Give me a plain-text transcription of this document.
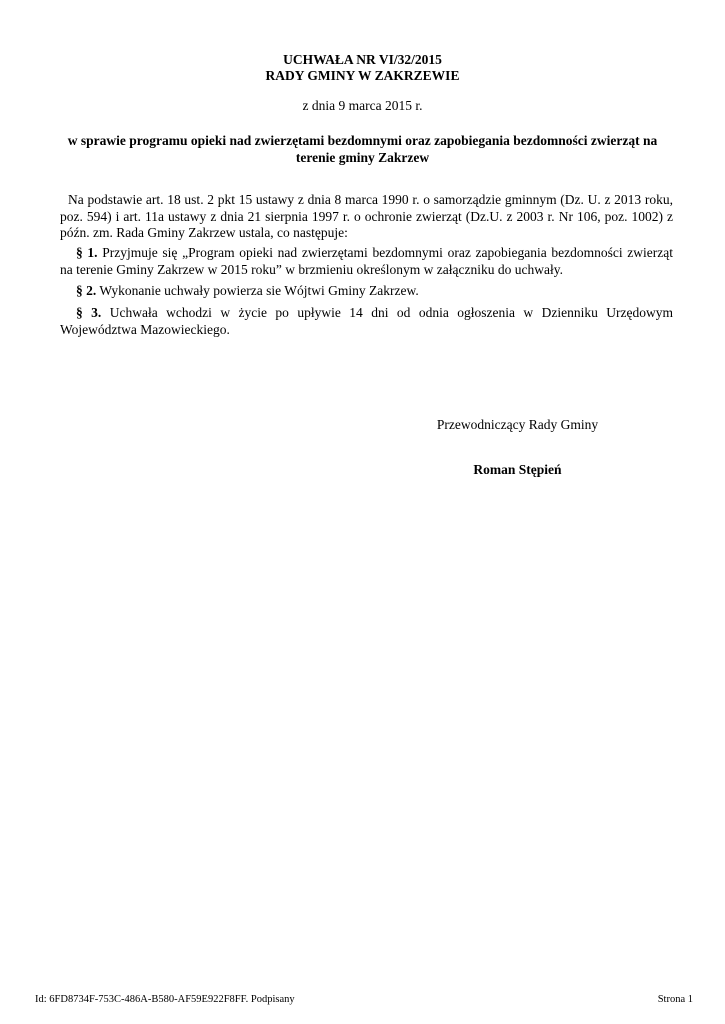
UCHWAŁA NR VI/32/2015
RADY GMINY W ZAKRZEWIE
z dnia 9 marca 2015 r.
w sprawie programu opieki nad zwierzętami bezdomnymi oraz zapobiegania bezdomności zwierząt na
terenie gminy Zakrzew
Na podstawie art. 18 ust. 2 pkt 15 ustawy z dnia 8 marca 1990 r. o samorządzie gminnym (Dz. U. z 2013 roku, poz. 594) i art. 11a ustawy z dnia 21 sierpnia 1997 r. o ochronie zwierząt (Dz.U. z 2003 r. Nr 106, poz. 1002) z późn. zm. Rada Gminy Zakrzew ustala, co następuje:
§ 1. Przyjmuje się „Program opieki nad zwierzętami bezdomnymi oraz zapobiegania bezdomności zwierząt na terenie Gminy Zakrzew w 2015 roku” w brzmieniu określonym w załączniku do uchwały.
§ 2. Wykonanie uchwały powierza sie Wójtwi Gminy Zakrzew.
§ 3. Uchwała wchodzi w życie po upływie 14 dni od odnia ogłoszenia w Dzienniku Urzędowym Województwa Mazowieckiego.
Przewodniczący Rady Gminy
Roman Stępień
Id: 6FD8734F-753C-486A-B580-AF59E922F8FF. Podpisany	Strona 1
